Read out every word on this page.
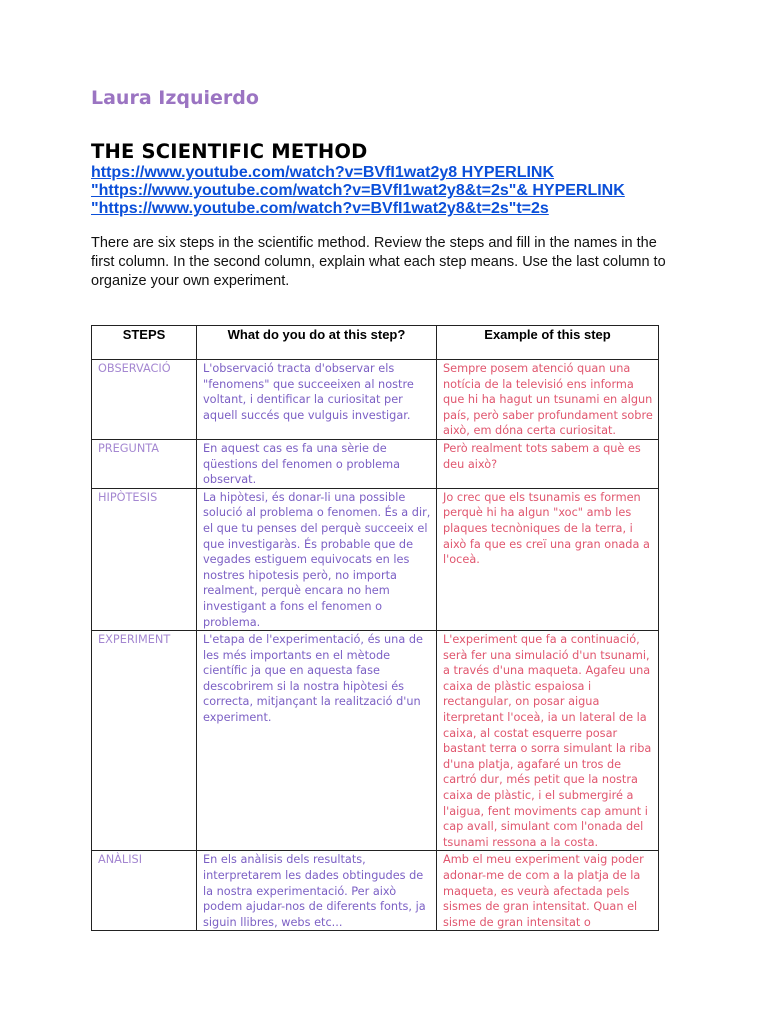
Laura Izquierdo
THE SCIENTIFIC METHOD
https://www.youtube.com/watch?v=BVfI1wat2y8 HYPERLINK
"https://www.youtube.com/watch?v=BVfI1wat2y8&t=2s"& HYPERLINK
"https://www.youtube.com/watch?v=BVfI1wat2y8&t=2s"t=2s
There are six steps in the scientific method. Review the steps and fill in the names in the first column. In the second column, explain what each step means. Use the last column to organize your own experiment.
STEPS	What do you do at this step?	Example of this step

OBSERVACIÓ	L'observació tracta d'observar els "fenomens" que succeeixen al nostre voltant, i dentificar la curiositat per aquell succés que vulguis investigar.	Sempre posem atenció quan una notícia de la televisió ens informa que hi ha hagut un tsunami en algun país, però saber profundament sobre això, em dóna certa curiositat.

PREGUNTA	En aquest cas es fa una sèrie de qüestions del fenomen o problema observat.	Però realment tots sabem a què es deu això?

HIPÒTESIS	La hipòtesi, és donar-li una possible solució al problema o fenomen. És a dir, el que tu penses del perquè succeeix el que investigaràs. És probable que de vegades estiguem equivocats en les nostres hipotesis però, no importa realment, perquè encara no hem investigant a fons el fenomen o problema.	Jo crec que els tsunamis es formen perquè hi ha algun "xoc" amb les plaques tecnòniques de la terra, i això fa que es creï una gran onada a l'oceà.

EXPERIMENT	L'etapa de l'experimentació, és una de les més importants en el mètode científic ja que en aquesta fase descobrirem si la nostra hipòtesi és correcta, mitjançant la realització d'un experiment.	L'experiment que fa a continuació, serà fer una simulació d'un tsunami, a través d'una maqueta. Agafeu una caixa de plàstic espaiosa i rectangular, on posar aigua iterpretant l'oceà, ia un lateral de la caixa, al costat esquerre posar bastant terra o sorra simulant la riba d'una platja, agafaré un tros de cartró dur, més petit que la nostra caixa de plàstic, i el submergiré a l'aigua, fent moviments cap amunt i cap avall, simulant com l'onada del tsunami ressona a la costa.

ANÀLISI	En els anàlisis dels resultats, interpretarem les dades obtingudes de la nostra experimentació. Per això podem ajudar-nos de diferents fonts, ja siguin llibres, webs etc...	Amb el meu experiment vaig poder adonar-me de com a la platja de la maqueta, es veurà afectada pels sismes de gran intensitat. Quan el sisme de gran intensitat o
